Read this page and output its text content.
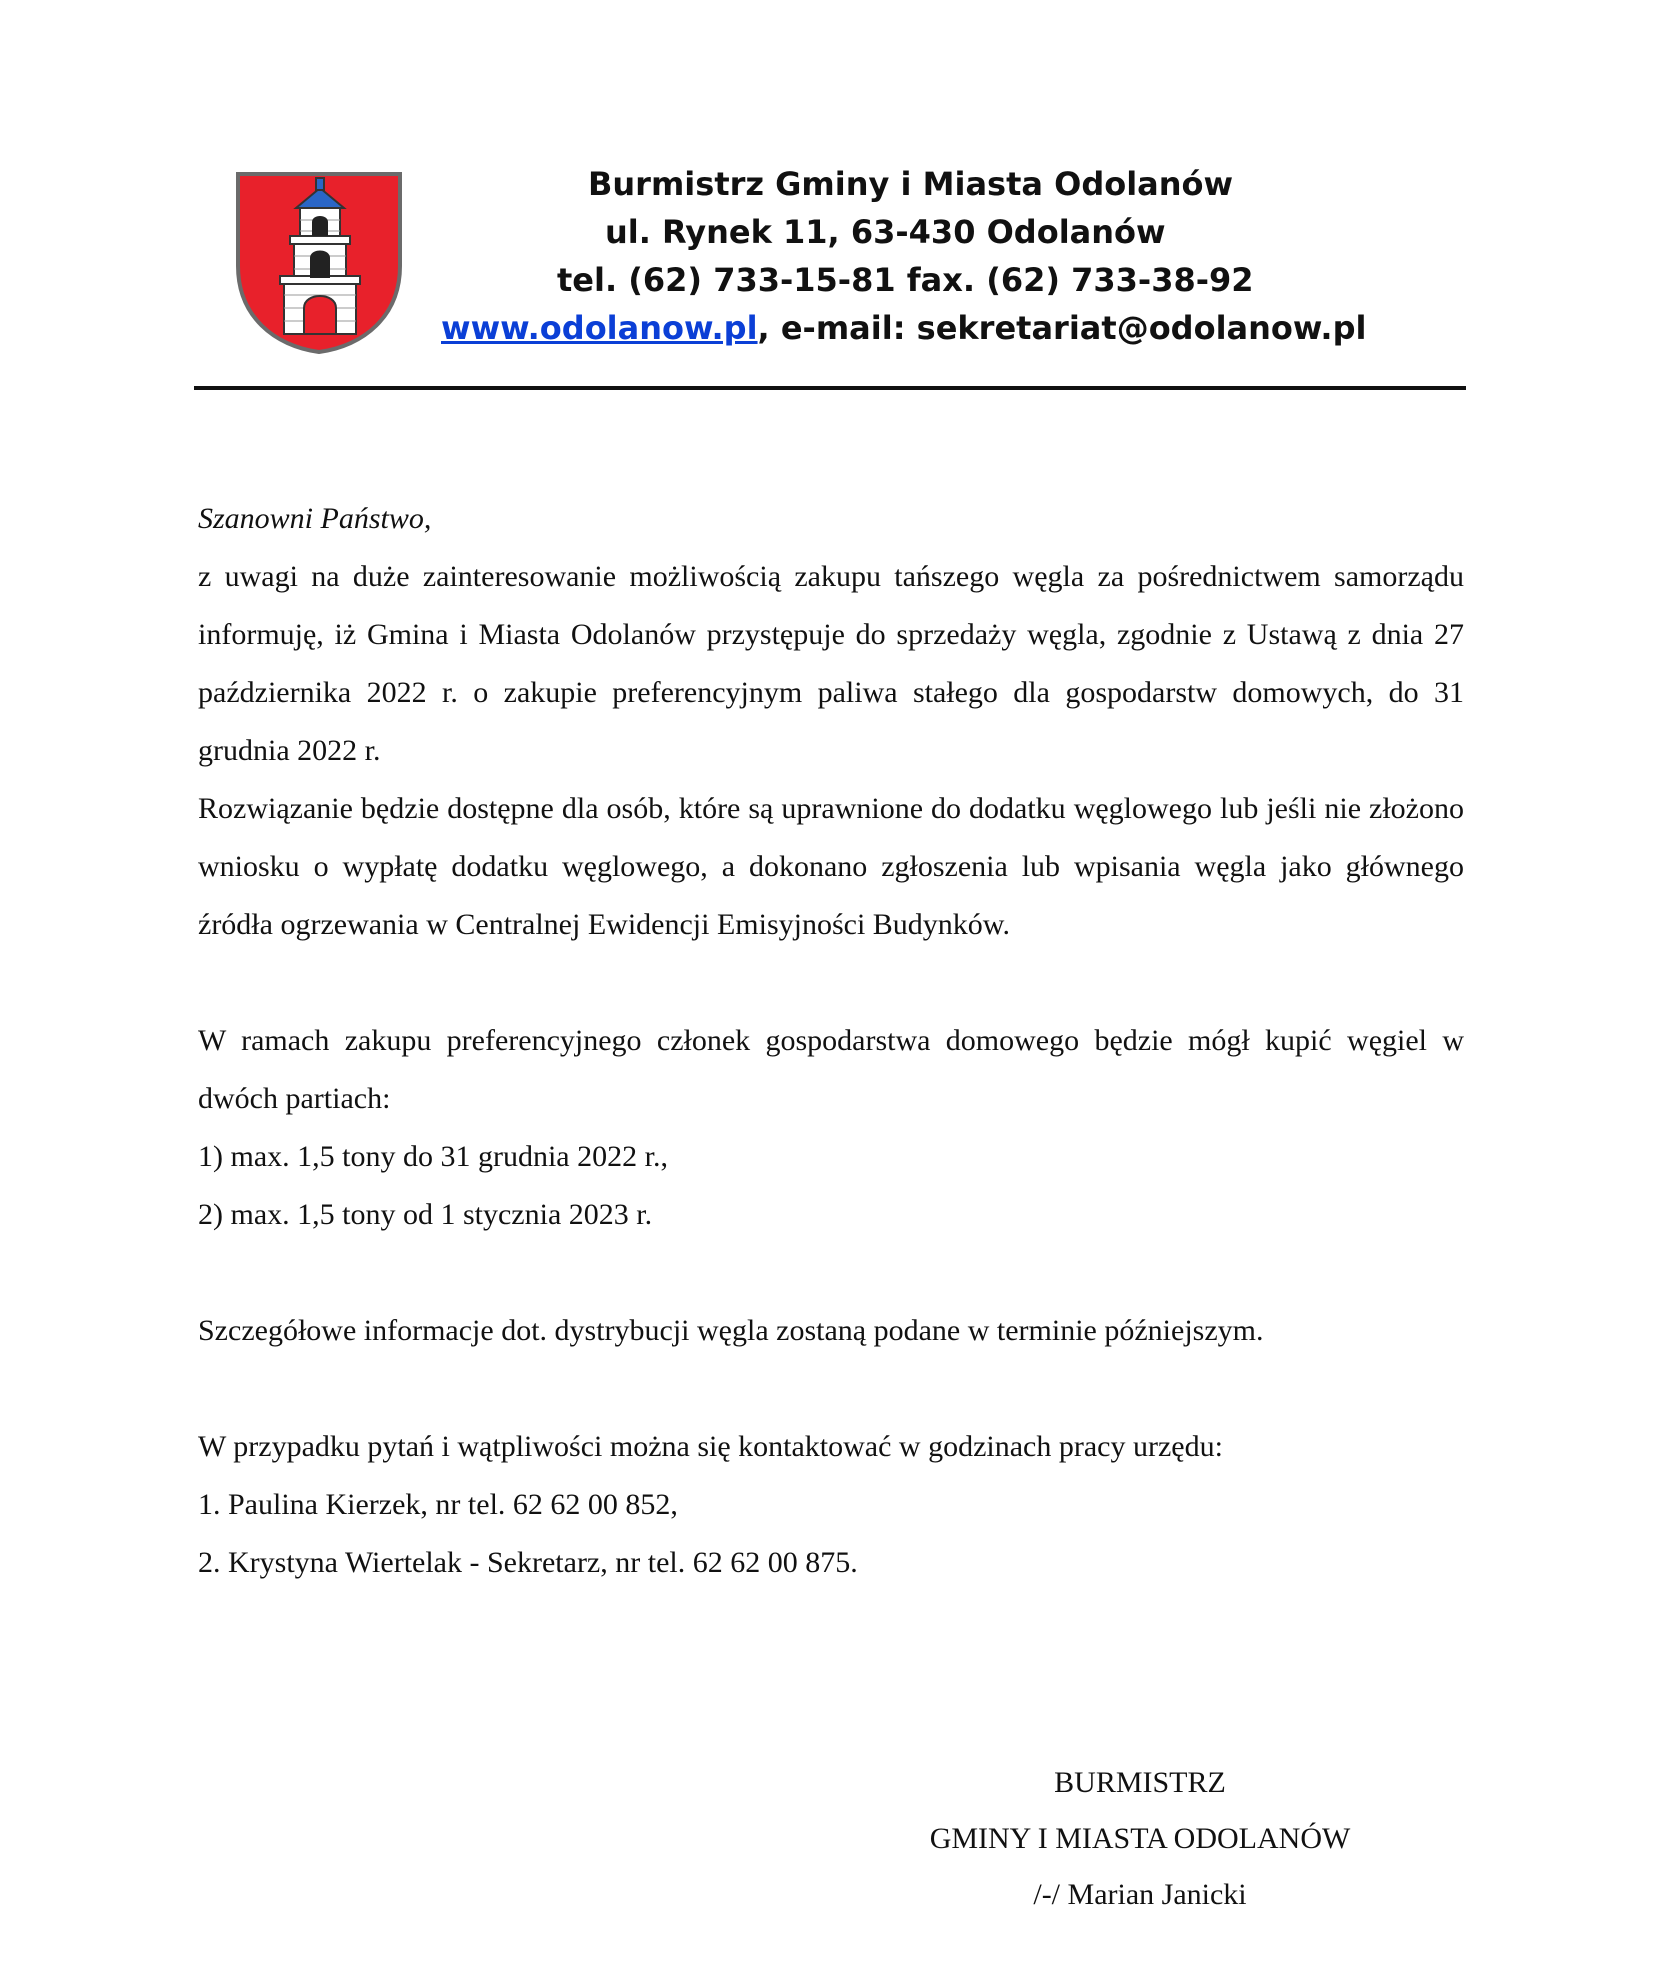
Burmistrz Gminy i Miasta Odolanów
ul. Rynek 11, 63-430 Odolanów
tel. (62) 733-15-81 fax. (62) 733-38-92
www.odolanow.pl, e-mail: sekretariat@odolanow.pl

Szanowni Państwo,

z uwagi na duże zainteresowanie możliwością zakupu tańszego węgla za pośrednictwem samorządu informuję, iż Gmina i Miasta Odolanów przystępuje do sprzedaży węgla, zgodnie z Ustawą z dnia 27 października 2022 r. o zakupie preferencyjnym paliwa stałego dla gospodarstw domowych, do 31 grudnia 2022 r.

Rozwiązanie będzie dostępne dla osób, które są uprawnione do dodatku węglowego lub jeśli nie złożono wniosku o wypłatę dodatku węglowego, a dokonano zgłoszenia lub wpisania węgla jako głównego źródła ogrzewania w Centralnej Ewidencji Emisyjności Budynków.

W ramach zakupu preferencyjnego członek gospodarstwa domowego będzie mógł kupić węgiel w dwóch partiach:

1) max. 1,5 tony do 31 grudnia 2022 r.,
2) max. 1,5 tony od 1 stycznia 2023 r.

Szczegółowe informacje dot. dystrybucji węgla zostaną podane w terminie późniejszym.

W przypadku pytań i wątpliwości można się kontaktować w godzinach pracy urzędu:

1. Paulina Kierzek, nr tel. 62 62 00 852,
2. Krystyna Wiertelak - Sekretarz, nr tel. 62 62 00 875.
BURMISTRZ
GMINY I MIASTA ODOLANÓW
/-/ Marian Janicki
